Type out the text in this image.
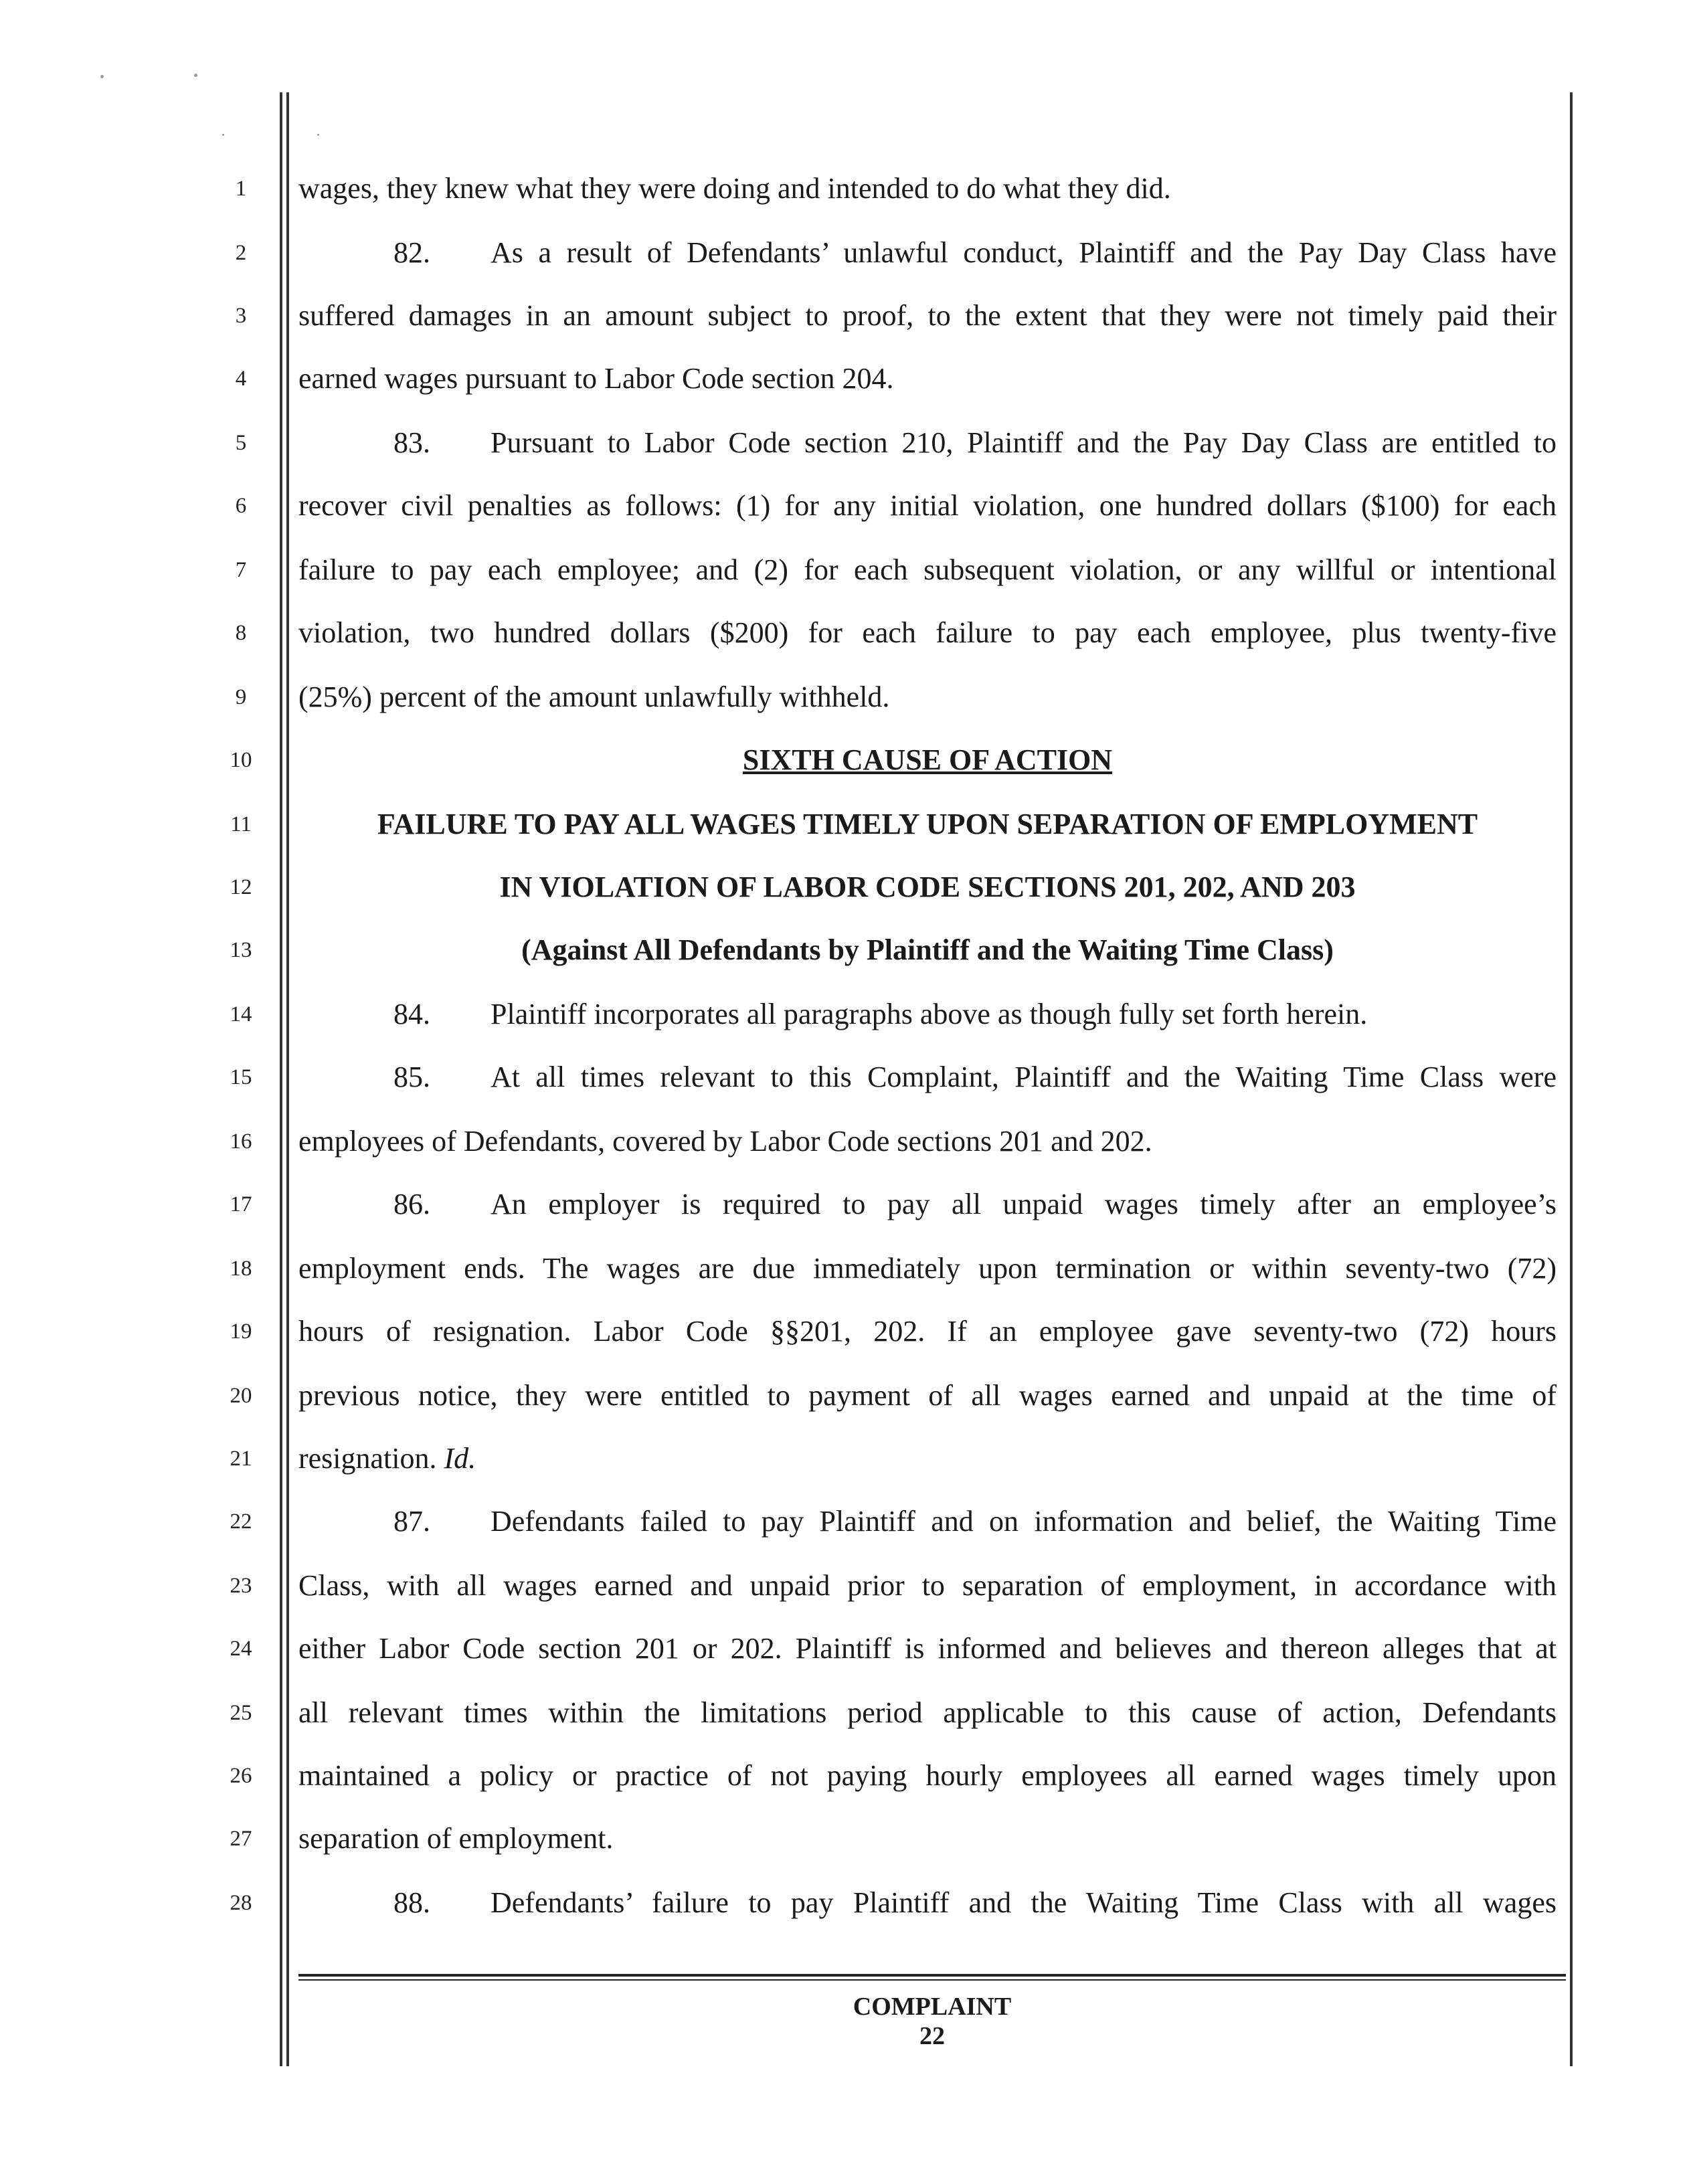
1
2
3
4
5
6
7
8
9
10
11
12
13
14
15
16
17
18
19
20
21
22
23
24
25
26
27
28
wages, they knew what they were doing and intended to do what they did.
82. As a result of Defendants’ unlawful conduct, Plaintiff and the Pay Day Class have
suffered damages in an amount subject to proof, to the extent that they were not timely paid their
earned wages pursuant to Labor Code section 204.
83. Pursuant to Labor Code section 210, Plaintiff and the Pay Day Class are entitled to
recover civil penalties as follows: (1) for any initial violation, one hundred dollars ($100) for each
failure to pay each employee; and (2) for each subsequent violation, or any willful or intentional
violation, two hundred dollars ($200) for each failure to pay each employee, plus twenty-five
(25%) percent of the amount unlawfully withheld.
SIXTH CAUSE OF ACTION
FAILURE TO PAY ALL WAGES TIMELY UPON SEPARATION OF EMPLOYMENT
IN VIOLATION OF LABOR CODE SECTIONS 201, 202, AND 203
(Against All Defendants by Plaintiff and the Waiting Time Class)
84. Plaintiff incorporates all paragraphs above as though fully set forth herein.
85. At all times relevant to this Complaint, Plaintiff and the Waiting Time Class were
employees of Defendants, covered by Labor Code sections 201 and 202.
86. An employer is required to pay all unpaid wages timely after an employee’s
employment ends. The wages are due immediately upon termination or within seventy-two (72)
hours of resignation. Labor Code §§201, 202. If an employee gave seventy-two (72) hours
previous notice, they were entitled to payment of all wages earned and unpaid at the time of
resignation. Id.
87. Defendants failed to pay Plaintiff and on information and belief, the Waiting Time
Class, with all wages earned and unpaid prior to separation of employment, in accordance with
either Labor Code section 201 or 202. Plaintiff is informed and believes and thereon alleges that at
all relevant times within the limitations period applicable to this cause of action, Defendants
maintained a policy or practice of not paying hourly employees all earned wages timely upon
separation of employment.
88. Defendants’ failure to pay Plaintiff and the Waiting Time Class with all wages
COMPLAINT
22
